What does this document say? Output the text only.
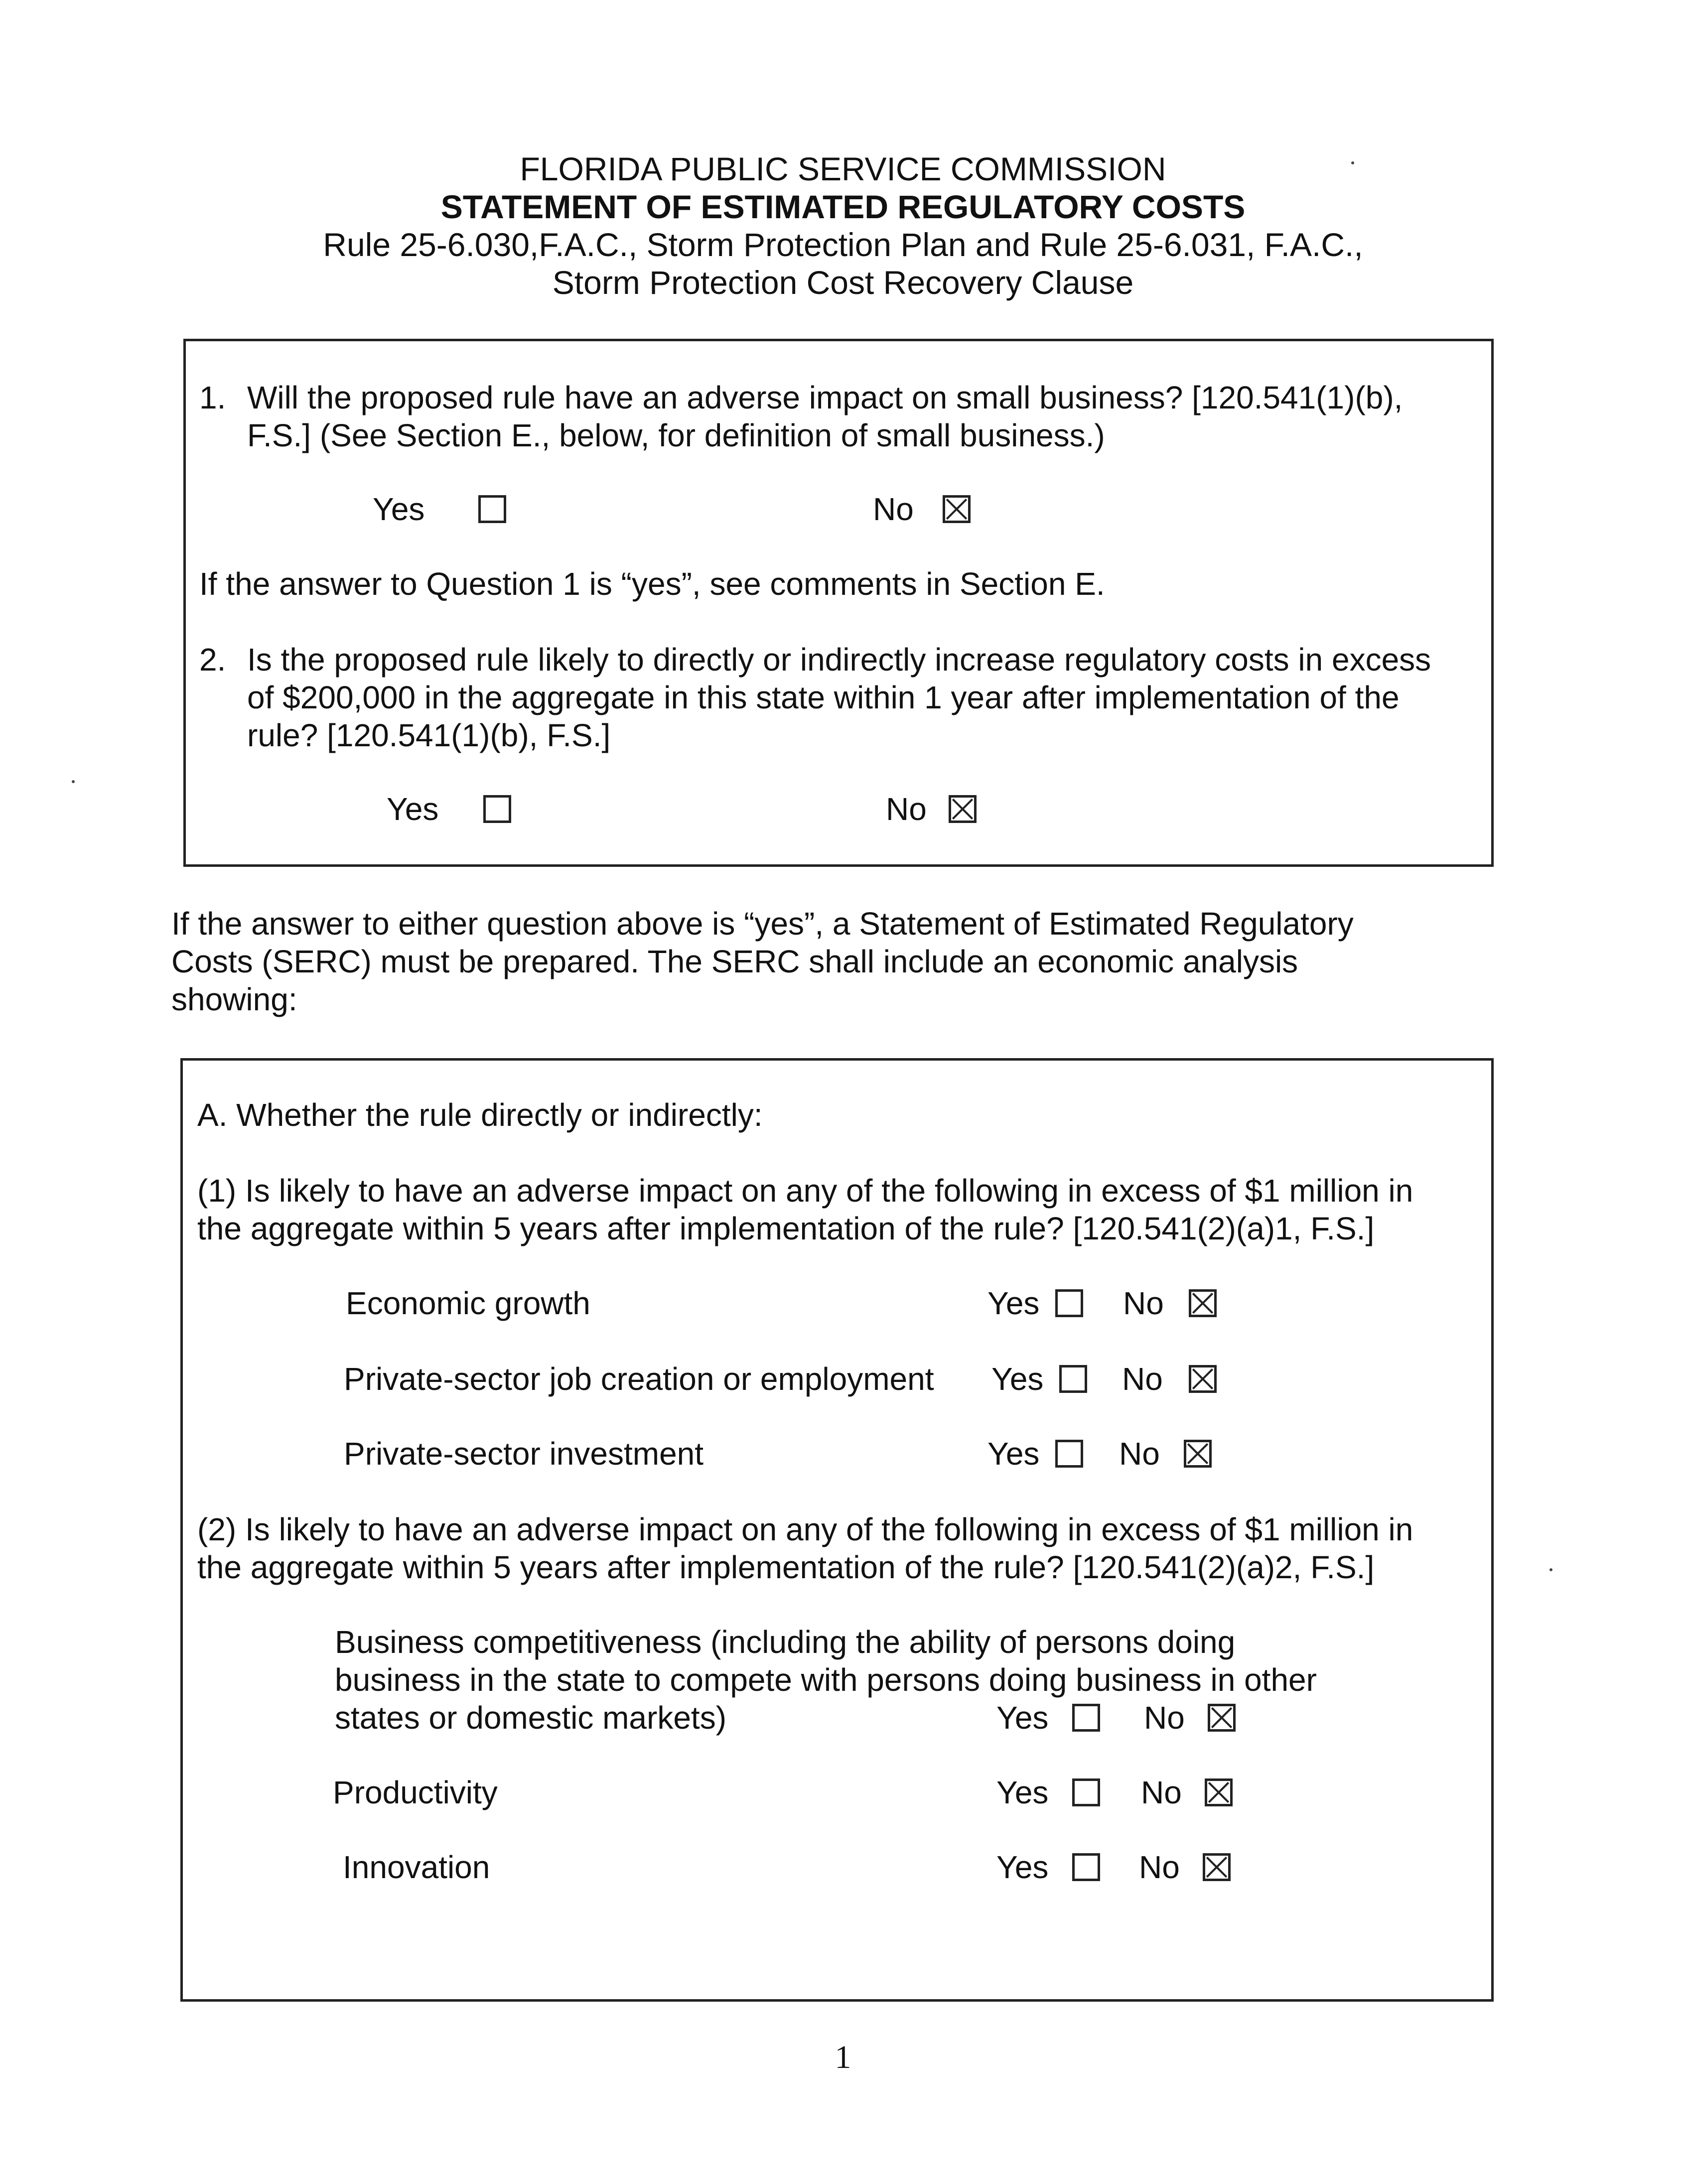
FLORIDA PUBLIC SERVICE COMMISSION
STATEMENT OF ESTIMATED REGULATORY COSTS
Rule 25-6.030,F.A.C., Storm Protection Plan and Rule 25-6.031, F.A.C.,
Storm Protection Cost Recovery Clause
1. Will the proposed rule have an adverse impact on small business? [120.541(1)(b),
F.S.] (See Section E., below, for definition of small business.)
Yes	No
If the answer to Question 1 is “yes”, see comments in Section E.
2. Is the proposed rule likely to directly or indirectly increase regulatory costs in excess
of $200,000 in the aggregate in this state within 1 year after implementation of the
rule? [120.541(1)(b), F.S.]
Yes	No
If the answer to either question above is “yes”, a Statement of Estimated Regulatory
Costs (SERC) must be prepared. The SERC shall include an economic analysis
showing:
A. Whether the rule directly or indirectly:
(1) Is likely to have an adverse impact on any of the following in excess of $1 million in
the aggregate within 5 years after implementation of the rule? [120.541(2)(a)1, F.S.]
Economic growth	Yes	No
Private-sector job creation or employment Yes No
Private-sector investment	Yes No
(2) Is likely to have an adverse impact on any of the following in excess of $1 million in
the aggregate within 5 years after implementation of the rule? [120.541(2)(a)2, F.S.]
Business competitiveness (including the ability of persons doing
business in the state to compete with persons doing business in other
states or domestic markets)	Yes	No
Productivity	Yes	No
Innovation	Yes	No
1
